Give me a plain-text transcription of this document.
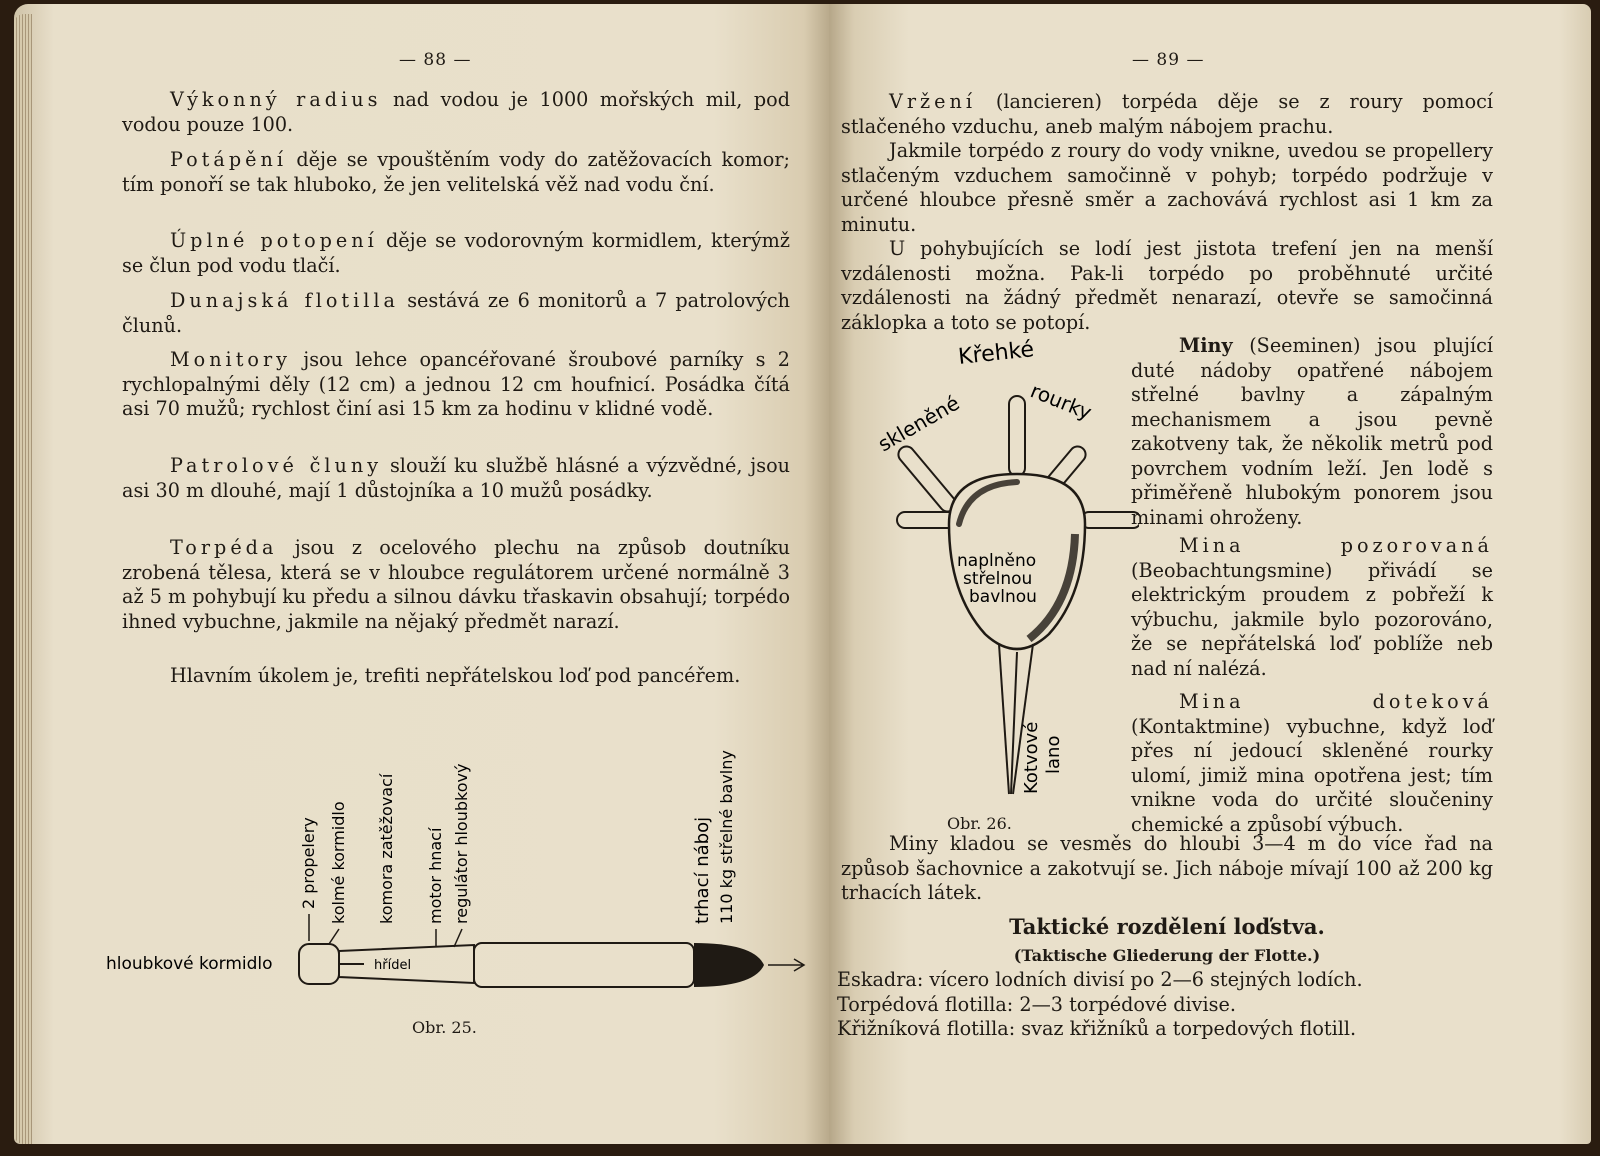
— 88 —

Výkonný radius nad vodou je 1000 mořských mil, pod vodou pouze 100.

Potápění děje se vpouštěním vody do zatěžovacích komor; tím ponoří se tak hluboko, že jen velitelská věž nad vodu ční.

Úplné potopení děje se vodorovným kormidlem, kterýmž se člun pod vodu tlačí.

Dunajská flotilla sestává ze 6 monitorů a 7 patrolových člunů.

Monitory jsou lehce opancéřované šroubové parníky s 2 rychlopalnými děly (12 cm) a jednou 12 cm houfnicí. Posádka čítá asi 70 mužů; rychlost činí asi 15 km za hodinu v klidné vodě.

Patrolové čluny slouží ku službě hlásné a výzvědné, jsou asi 30 m dlouhé, mají 1 důstojníka a 10 mužů posádky.

Torpéda jsou z ocelového plechu na způsob doutníku zrobená tělesa, která se v hloubce regulátorem určené normálně 3 až 5 m pohybují ku předu a silnou dávku třaskavin obsahují; torpédo ihned vybuchne, jakmile na nějaký předmět narazí.

Hlavním úkolem je, trefiti nepřátelskou loď pod pancéřem.

2 propelery kolmé kormidlo komora zatěžovací motor hnací regulátor hloubkový	trhací náboj 110 kg střelné bavlny
hřídel
hloubkové kormidlo
Obr. 25.
— 89 —

Vržení (lancieren) torpéda děje se z roury pomocí stlačeného vzduchu, aneb malým nábojem prachu.

Jakmile torpédo z roury do vody vnikne, uvedou se propellery stlačeným vzduchem samočinně v pohyb; torpédo podržuje v určené hloubce přesně směr a zachovává rychlost asi 1 km za minutu.

U pohybujících se lodí jest jistota trefení jen na menší vzdálenosti možna. Pak-li torpédo po proběhnuté určité vzdálenosti na žádný předmět nenarazí, otevře se samočinná záklopka a toto se potopí.

Křehké
skleněné	rourky
naplněno
střelnou
bavlnou
Kotvové lano
Obr. 26.

Miny (Seeminen) jsou plující duté nádoby opatřené nábojem střelné bavlny a zápalným mechanismem a jsou pevně zakotveny tak, že několik metrů pod povrchem vodním leží. Jen lodě s přiměřeně hlubokým ponorem jsou minami ohroženy.

Mina pozorovaná (Beobachtungsmine) přivádí se elektrickým proudem z pobřeží k výbuchu, jakmile bylo pozorováno, že se nepřátelská loď poblíže neb nad ní nalézá.

Mina doteková (Kontaktmine) vybuchne, když loď přes ní jedoucí skleněné rourky ulomí, jimiž mina opotřena jest; tím vnikne voda do určité sloučeniny chemické a způsobí výbuch.

Miny kladou se vesměs do hloubi 3—4 m do více řad na způsob šachovnice a zakotvují se. Jich náboje mívají 100 až 200 kg trhacích látek.

Taktické rozdělení loďstva.
(Taktische Gliederung der Flotte.)
Eskadra: vícero lodních divisí po 2—6 stejných lodích.
Torpédová flotilla: 2—3 torpédové divise.
Křižníková flotilla: svaz křižníků a torpedových flotill.
